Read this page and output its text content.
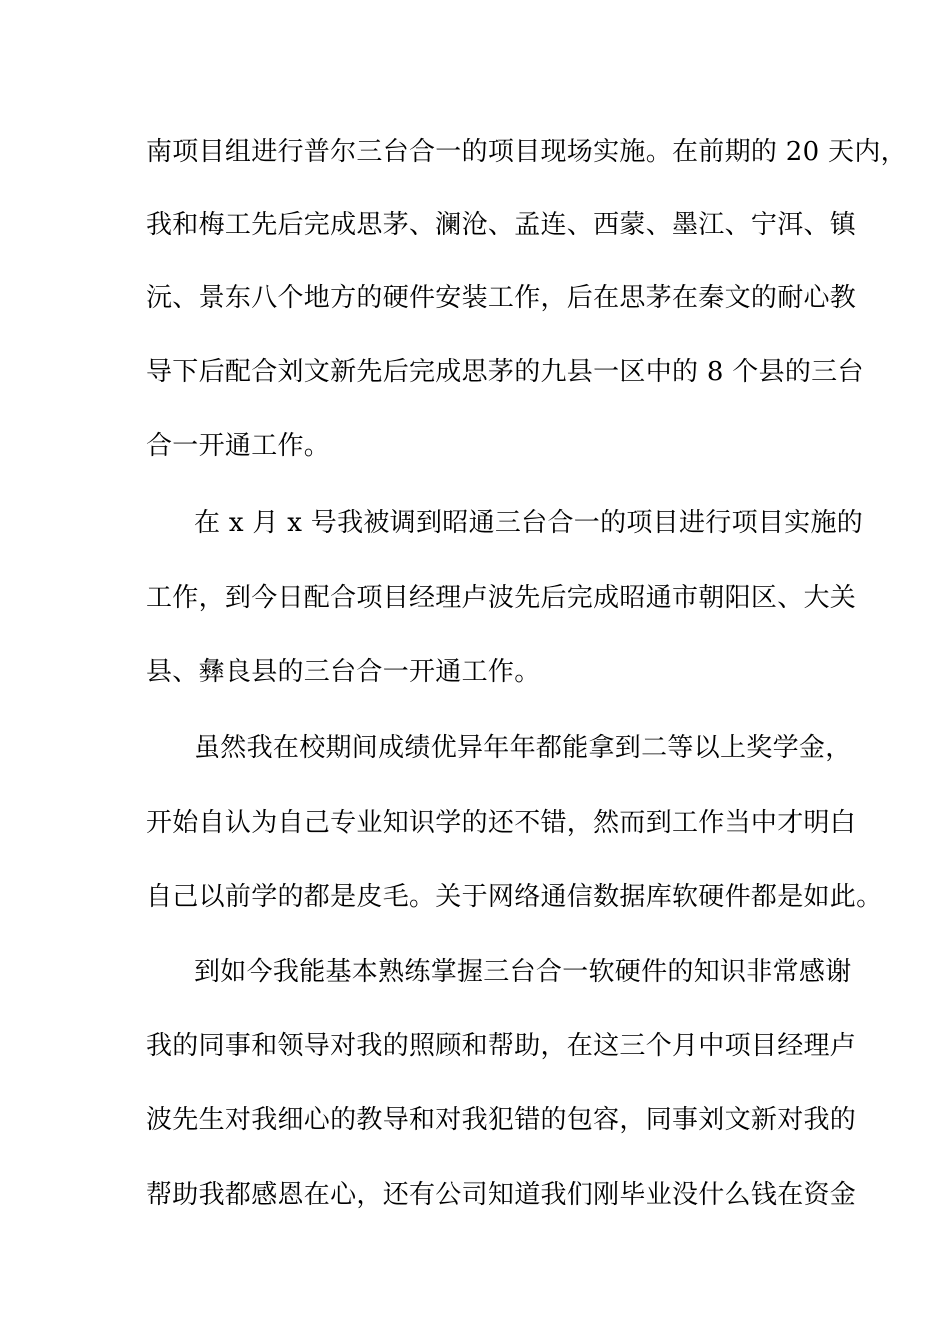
南项目组进行普尔三台合一的项目现场实施。在前期的 20 天内，
我和梅工先后完成思茅、澜沧、孟连、西蒙、墨江、宁洱、镇
沅、景东八个地方的硬件安装工作，后在思茅在秦文的耐心教
导下后配合刘文新先后完成思茅的九县一区中的 8 个县的三台
合一开通工作。
在 x 月 x 号我被调到昭通三台合一的项目进行项目实施的
工作，到今日配合项目经理卢波先后完成昭通市朝阳区、大关
县、彝良县的三台合一开通工作。
虽然我在校期间成绩优异年年都能拿到二等以上奖学金，
开始自认为自己专业知识学的还不错，然而到工作当中才明白
自己以前学的都是皮毛。关于网络通信数据库软硬件都是如此。
到如今我能基本熟练掌握三台合一软硬件的知识非常感谢
我的同事和领导对我的照顾和帮助，在这三个月中项目经理卢
波先生对我细心的教导和对我犯错的包容，同事刘文新对我的
帮助我都感恩在心，还有公司知道我们刚毕业没什么钱在资金
